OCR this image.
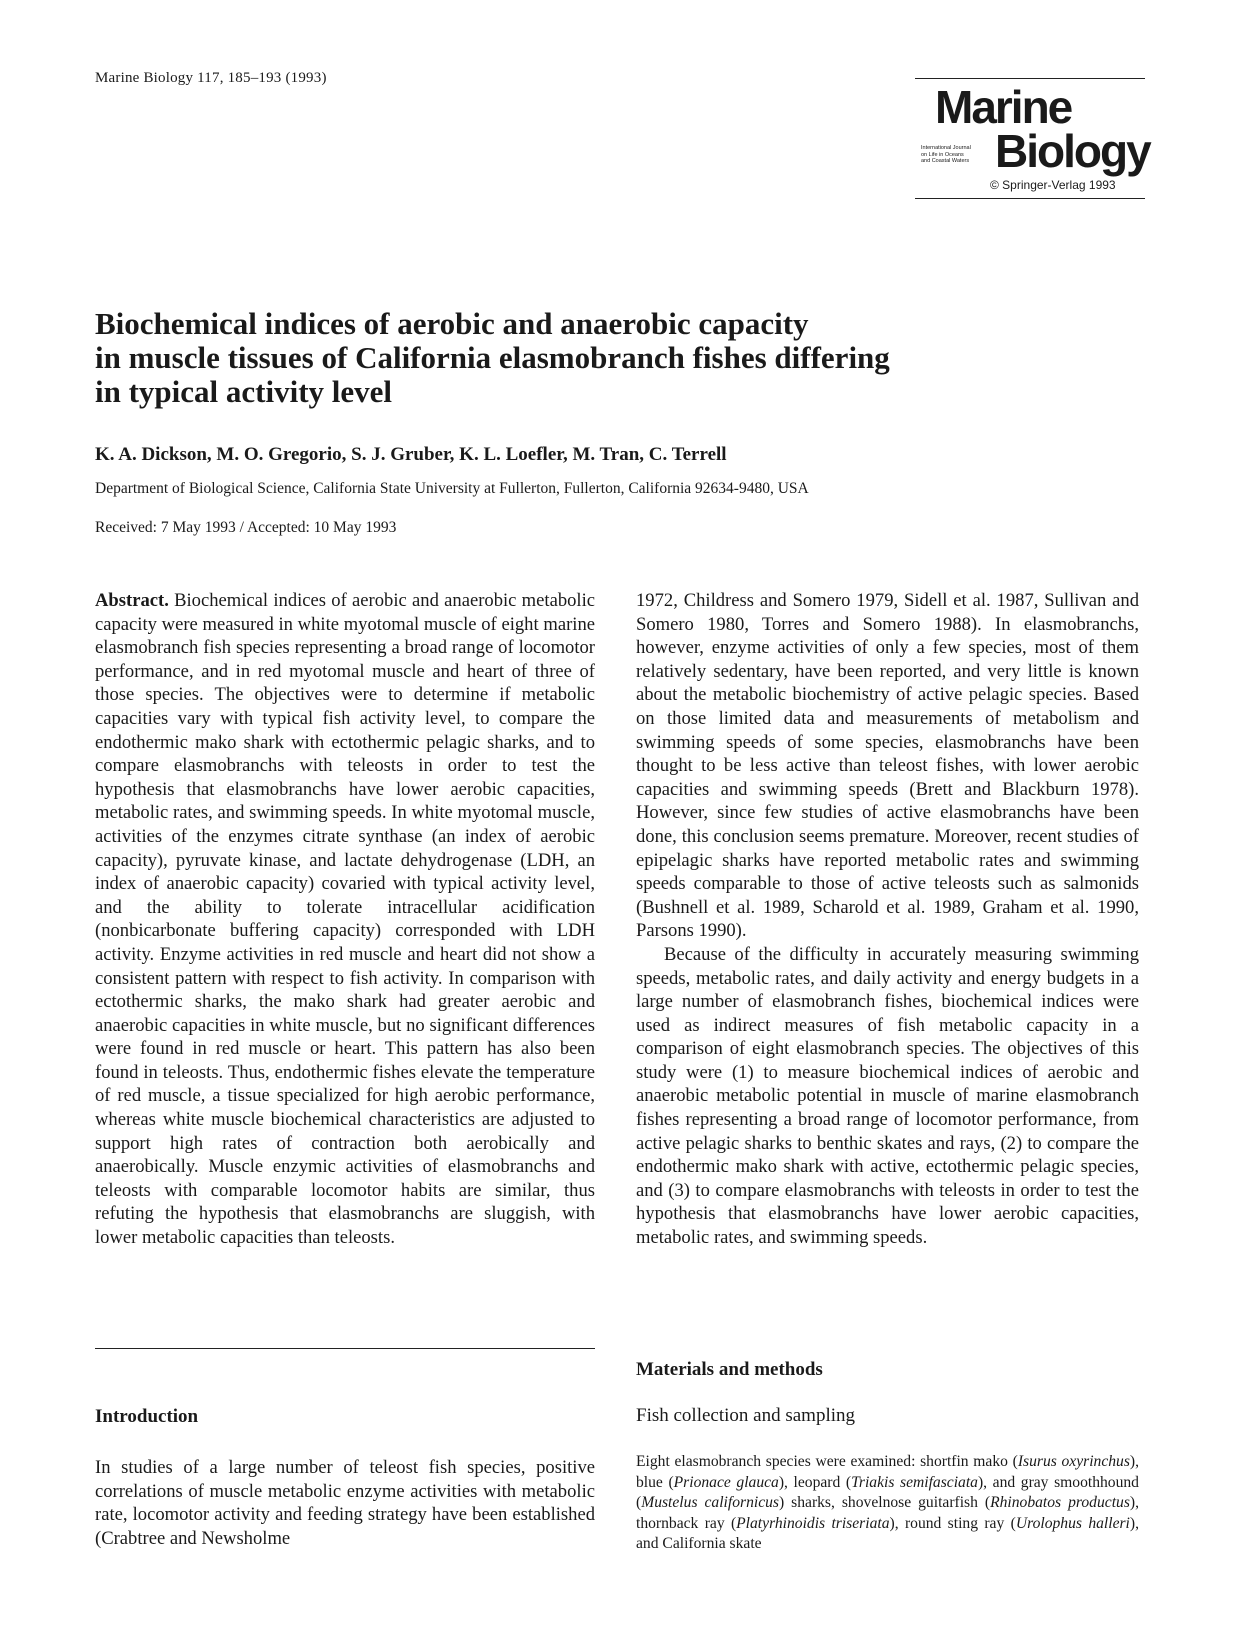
Marine Biology 117, 185–193 (1993)
Marine
International Journal
on Life in Oceans
and Coastal Waters Biology
© Springer-Verlag 1993
Biochemical indices of aerobic and anaerobic capacity
in muscle tissues of California elasmobranch fishes differing
in typical activity level
K. A. Dickson, M. O. Gregorio, S. J. Gruber, K. L. Loefler, M. Tran, C. Terrell
Department of Biological Science, California State University at Fullerton, Fullerton, California 92634-9480, USA
Received: 7 May 1993 / Accepted: 10 May 1993

Abstract. Biochemical indices of aerobic and anaerobic metabolic capacity were measured in white myotomal muscle of eight marine elasmobranch fish species representing a broad range of locomotor performance, and in red myotomal muscle and heart of three of those species. The objectives were to determine if metabolic capacities vary with typical fish activity level, to compare the endothermic mako shark with ectothermic pelagic sharks, and to compare elasmobranchs with teleosts in order to test the hypothesis that elasmobranchs have lower aerobic capacities, metabolic rates, and swimming speeds. In white myotomal muscle, activities of the enzymes citrate synthase (an index of aerobic capacity), pyruvate kinase, and lactate dehydrogenase (LDH, an index of anaerobic capacity) covaried with typical activity level, and the ability to tolerate intracellular acidification (nonbicarbonate buffering capacity) corresponded with LDH activity. Enzyme activities in red muscle and heart did not show a consistent pattern with respect to fish activity. In comparison with ectothermic sharks, the mako shark had greater aerobic and anaerobic capacities in white muscle, but no significant differences were found in red muscle or heart. This pattern has also been found in teleosts. Thus, endothermic fishes elevate the temperature of red muscle, a tissue specialized for high aerobic performance, whereas white muscle biochemical characteristics are adjusted to support high rates of contraction both aerobically and anaerobically. Muscle enzymic activities of elasmobranchs and teleosts with comparable locomotor habits are similar, thus refuting the hypothesis that elasmobranchs are sluggish, with lower metabolic capacities than teleosts.

Introduction

In studies of a large number of teleost fish species, positive correlations of muscle metabolic enzyme activities with metabolic rate, locomotor activity and feeding strategy have been established (Crabtree and Newsholme

1972, Childress and Somero 1979, Sidell et al. 1987, Sullivan and Somero 1980, Torres and Somero 1988). In elasmobranchs, however, enzyme activities of only a few species, most of them relatively sedentary, have been reported, and very little is known about the metabolic biochemistry of active pelagic species. Based on those limited data and measurements of metabolism and swimming speeds of some species, elasmobranchs have been thought to be less active than teleost fishes, with lower aerobic capacities and swimming speeds (Brett and Blackburn 1978). However, since few studies of active elasmobranchs have been done, this conclusion seems premature. Moreover, recent studies of epipelagic sharks have reported metabolic rates and swimming speeds comparable to those of active teleosts such as salmonids (Bushnell et al. 1989, Scharold et al. 1989, Graham et al. 1990, Parsons 1990).

Because of the difficulty in accurately measuring swimming speeds, metabolic rates, and daily activity and energy budgets in a large number of elasmobranch fishes, biochemical indices were used as indirect measures of fish metabolic capacity in a comparison of eight elasmobranch species. The objectives of this study were (1) to measure biochemical indices of aerobic and anaerobic metabolic potential in muscle of marine elasmobranch fishes representing a broad range of locomotor performance, from active pelagic sharks to benthic skates and rays, (2) to compare the endothermic mako shark with active, ectothermic pelagic species, and (3) to compare elasmobranchs with teleosts in order to test the hypothesis that elasmobranchs have lower aerobic capacities, metabolic rates, and swimming speeds.

Materials and methods
Fish collection and sampling
Eight elasmobranch species were examined: shortfin mako (Isurus oxyrinchus), blue (Prionace glauca), leopard (Triakis semifasciata), and gray smoothhound (Mustelus californicus) sharks, shovelnose guitarfish (Rhinobatos productus), thornback ray (Platyrhinoidis triseriata), round sting ray (Urolophus halleri), and California skate
